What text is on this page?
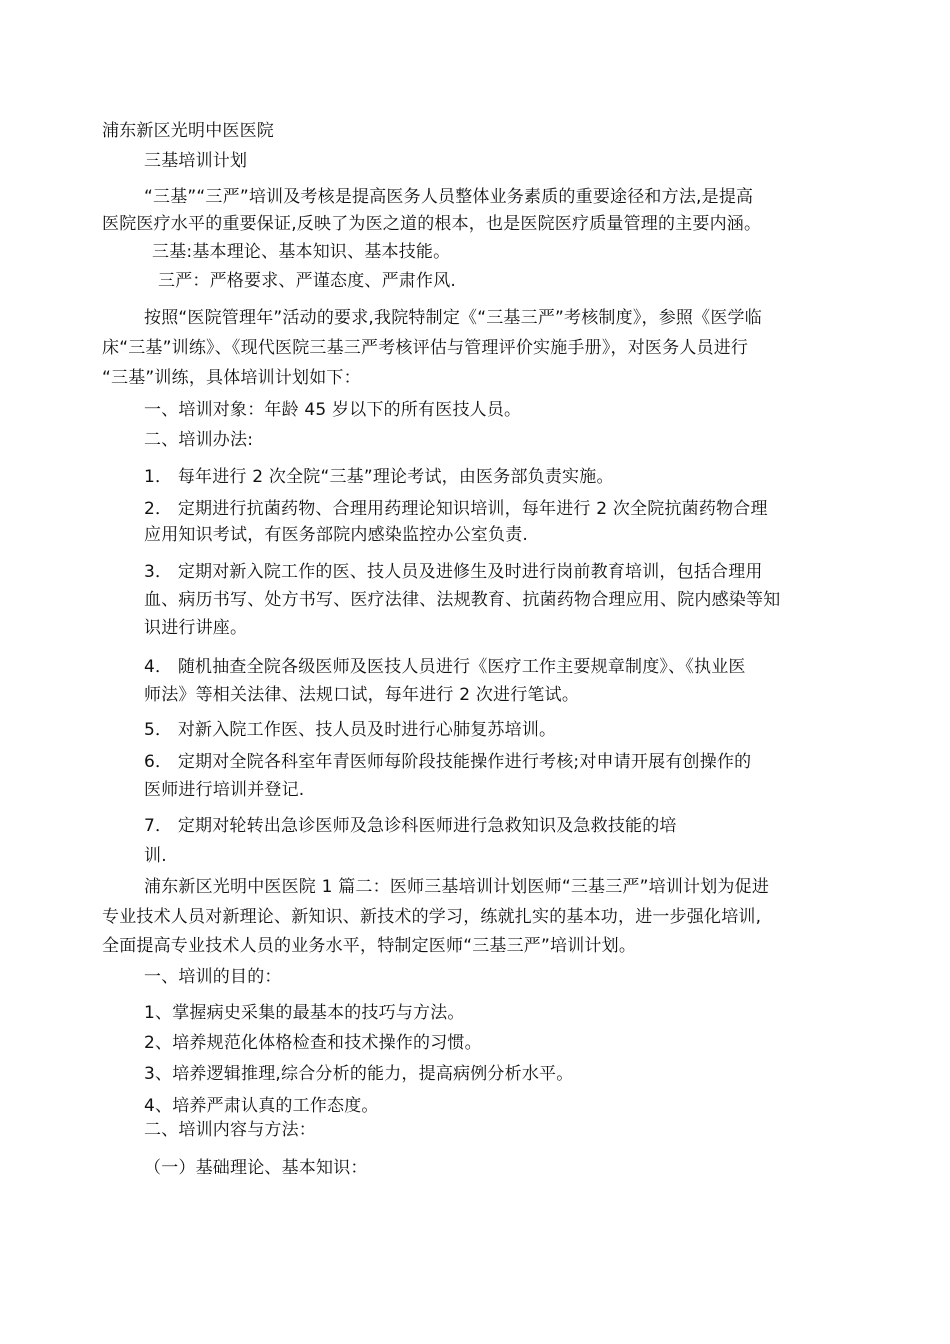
浦东新区光明中医医院
三基培训计划
“三基”“三严”培训及考核是提高医务人员整体业务素质的重要途径和方法,是提高
医院医疗水平的重要保证,反映了为医之道的根本，也是医院医疗质量管理的主要内涵。
三基:基本理论、基本知识、基本技能。
三严：严格要求、严谨态度、严肃作风.
按照“医院管理年”活动的要求,我院特制定《“三基三严”考核制度》，参照《医学临
床“三基”训练》、《现代医院三基三严考核评估与管理评价实施手册》，对医务人员进行
“三基”训练，具体培训计划如下：
一、培训对象：年龄 45 岁以下的所有医技人员。
二、培训办法:
1． 每年进行 2 次全院“三基”理论考试，由医务部负责实施。
2． 定期进行抗菌药物、合理用药理论知识培训，每年进行 2 次全院抗菌药物合理
应用知识考试，有医务部院内感染监控办公室负责.
3． 定期对新入院工作的医、技人员及进修生及时进行岗前教育培训，包括合理用
血、病历书写、处方书写、医疗法律、法规教育、抗菌药物合理应用、院内感染等知
识进行讲座。
4． 随机抽查全院各级医师及医技人员进行《医疗工作主要规章制度》、《执业医
师法》等相关法律、法规口试，每年进行 2 次进行笔试。
5． 对新入院工作医、技人员及时进行心肺复苏培训。
6． 定期对全院各科室年青医师每阶段技能操作进行考核;对申请开展有创操作的
医师进行培训并登记.
7． 定期对轮转出急诊医师及急诊科医师进行急救知识及急救技能的培
训.
浦东新区光明中医医院 1 篇二：医师三基培训计划医师“三基三严”培训计划为促进
专业技术人员对新理论、新知识、新技术的学习，练就扎实的基本功，进一步强化培训,
全面提高专业技术人员的业务水平，特制定医师“三基三严”培训计划。
一、培训的目的：
1、掌握病史采集的最基本的技巧与方法。
2、培养规范化体格检查和技术操作的习惯。
3、培养逻辑推理,综合分析的能力，提高病例分析水平。
4、培养严肃认真的工作态度。
二、培训内容与方法：
（一）基础理论、基本知识：
